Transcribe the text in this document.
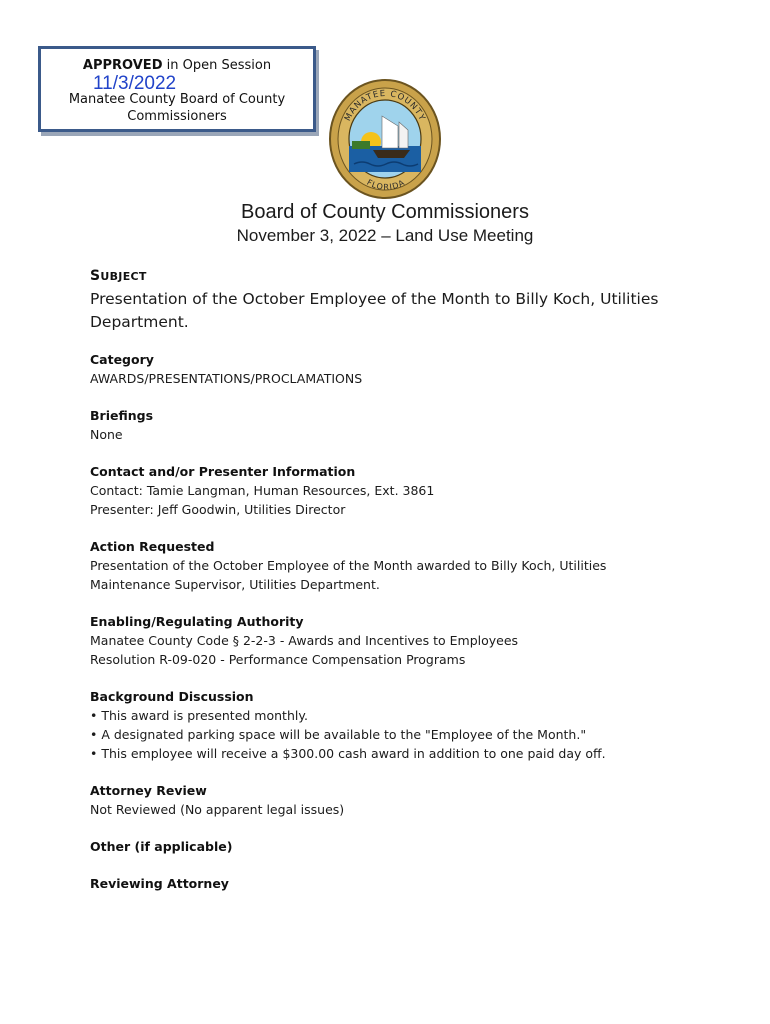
APPROVED in Open Session
11/3/2022
Manatee County Board of County Commissioners	MANATEE COUNTY
FLORIDA
Board of County Commissioners
November 3, 2022 – Land Use Meeting
SUBJECT
Presentation of the October Employee of the Month to Billy Koch, Utilities Department.
Category
AWARDS/PRESENTATIONS/PROCLAMATIONS
Briefings
None
Contact and/or Presenter Information
Contact: Tamie Langman, Human Resources, Ext. 3861
Presenter: Jeff Goodwin, Utilities Director
Action Requested
Presentation of the October Employee of the Month awarded to Billy Koch, Utilities
Maintenance Supervisor, Utilities Department.
Enabling/Regulating Authority
Manatee County Code § 2-2-3 - Awards and Incentives to Employees
Resolution R-09-020 - Performance Compensation Programs
Background Discussion
• This award is presented monthly.
• A designated parking space will be available to the "Employee of the Month."
• This employee will receive a $300.00 cash award in addition to one paid day off.
Attorney Review
Not Reviewed (No apparent legal issues)
Other (if applicable)
Reviewing Attorney
